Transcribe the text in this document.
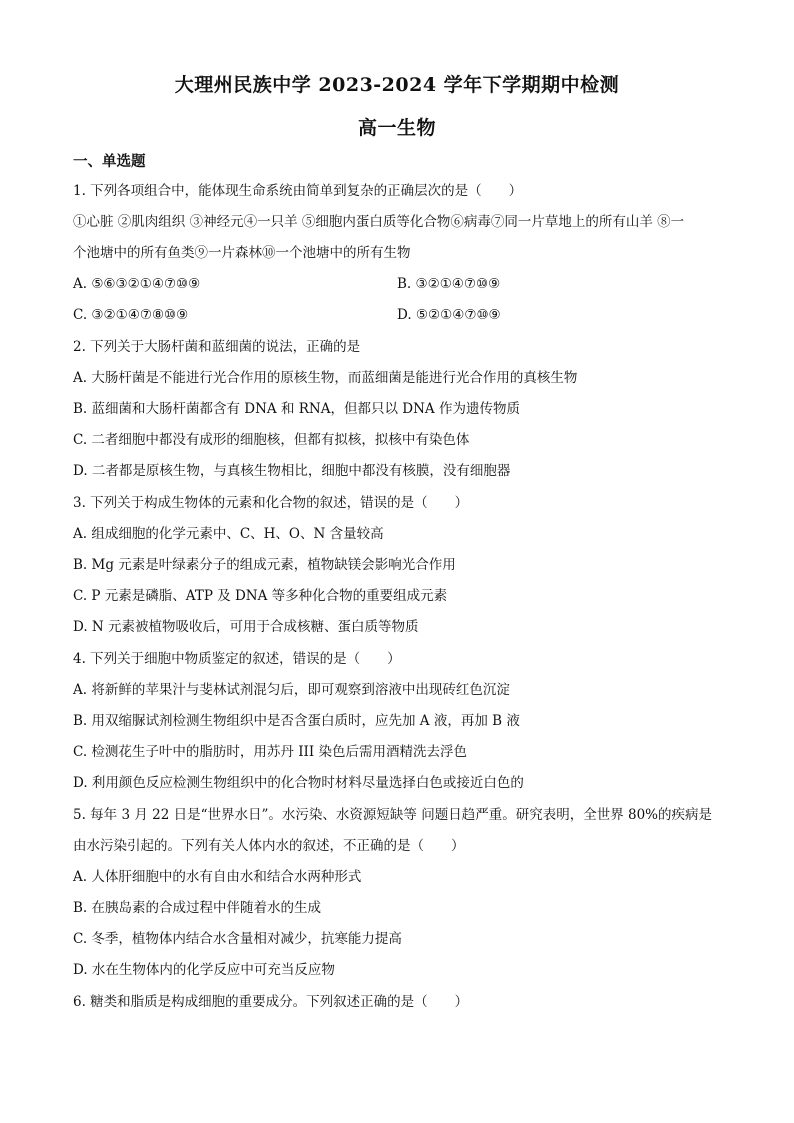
大理州民族中学 2023-2024 学年下学期期中检测
高一生物
一、单选题
1. 下列各项组合中，能体现生命系统由简单到复杂的正确层次的是（　　）
①心脏 ②肌肉组织 ③神经元④一只羊 ⑤细胞内蛋白质等化合物⑥病毒⑦同一片草地上的所有山羊 ⑧一
个池塘中的所有鱼类⑨一片森林⑩一个池塘中的所有生物
A. ⑤⑥③②①④⑦⑩⑨	B. ③②①④⑦⑩⑨
C. ③②①④⑦⑧⑩⑨	D. ⑤②①④⑦⑩⑨
2. 下列关于大肠杆菌和蓝细菌的说法，正确的是
A. 大肠杆菌是不能进行光合作用的原核生物，而蓝细菌是能进行光合作用的真核生物
B. 蓝细菌和大肠杆菌都含有 DNA 和 RNA，但都只以 DNA 作为遗传物质
C. 二者细胞中都没有成形的细胞核，但都有拟核，拟核中有染色体
D. 二者都是原核生物，与真核生物相比，细胞中都没有核膜，没有细胞器
3. 下列关于构成生物体的元素和化合物的叙述，错误的是（　　）
A. 组成细胞的化学元素中、C、H、O、N 含量较高
B. Mg 元素是叶绿素分子的组成元素，植物缺镁会影响光合作用
C. P 元素是磷脂、ATP 及 DNA 等多种化合物的重要组成元素
D. N 元素被植物吸收后，可用于合成核糖、蛋白质等物质
4. 下列关于细胞中物质鉴定的叙述，错误的是（　　）
A. 将新鲜的苹果汁与斐林试剂混匀后，即可观察到溶液中出现砖红色沉淀
B. 用双缩脲试剂检测生物组织中是否含蛋白质时，应先加 A 液，再加 B 液
C. 检测花生子叶中的脂肪时，用苏丹 III 染色后需用酒精洗去浮色
D. 利用颜色反应检测生物组织中的化合物时材料尽量选择白色或接近白色的
5. 每年 3 月 22 日是“世界水日”。水污染、水资源短缺等 问题日趋严重。研究表明，全世界 80%的疾病是
由水污染引起的。下列有关人体内水的叙述，不正确的是（　　）
A. 人体肝细胞中的水有自由水和结合水两种形式
B. 在胰岛素的合成过程中伴随着水的生成
C. 冬季，植物体内结合水含量相对减少，抗寒能力提高
D. 水在生物体内的化学反应中可充当反应物
6. 糖类和脂质是构成细胞的重要成分。下列叙述正确的是（　　）
